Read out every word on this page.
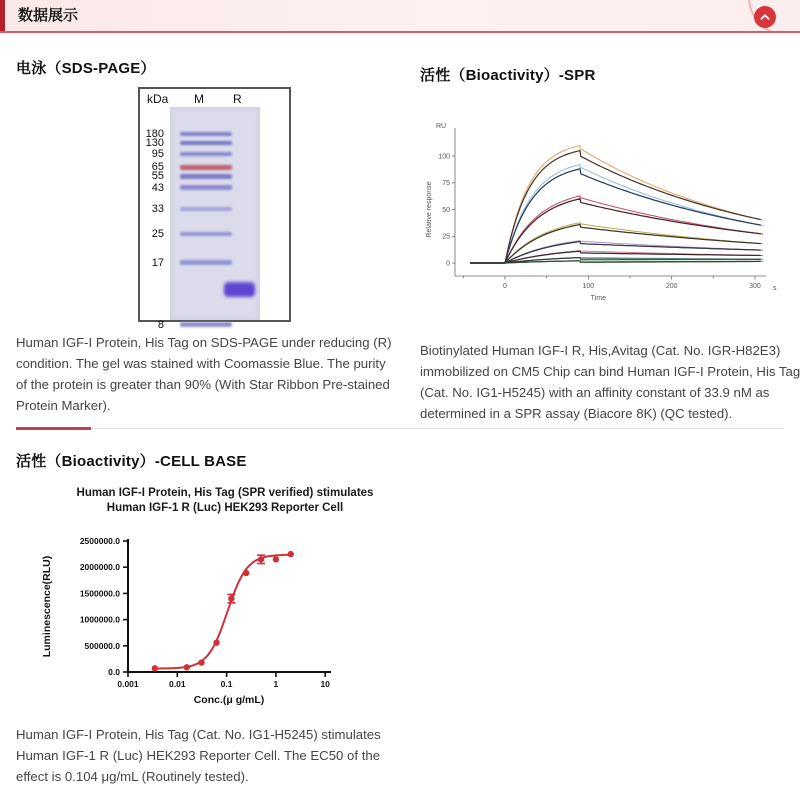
数据展示
电泳（SDS-PAGE）
kDa M R
180
130
95
65
55
43
33
25
17
8
Human IGF-I Protein, His Tag on SDS-PAGE under reducing (R) condition. The gel was stained with Coomassie Blue. The purity of the protein is greater than 90% (With Star Ribbon Pre-stained Protein Marker).
活性（Bioactivity）-SPR
0
25
50
75
100
0	100	200	300
RU
Relative response
Time
s
Biotinylated Human IGF-I R, His,Avitag (Cat. No. IGR-H82E3) immobilized on CM5 Chip can bind Human IGF-I Protein, His Tag (Cat. No. IG1-H5245) with an affinity constant of 33.9 nM as determined in a SPR assay (Biacore 8K) (QC tested).
活性（Bioactivity）-CELL BASE
Human IGF-I Protein, His Tag (SPR verified) stimulates
Human IGF-1 R (Luc) HEK293 Reporter Cell
0.001	0.01	0.1	1	10
0.0
500000.0
1000000.0
1500000.0
2000000.0
2500000.0
Conc.(μ g/mL)
Luminescence(RLU)
Human IGF-I Protein, His Tag (Cat. No. IG1-H5245) stimulates Human IGF-1 R (Luc) HEK293 Reporter Cell. The EC50 of the effect is 0.104 μg/mL (Routinely tested).
